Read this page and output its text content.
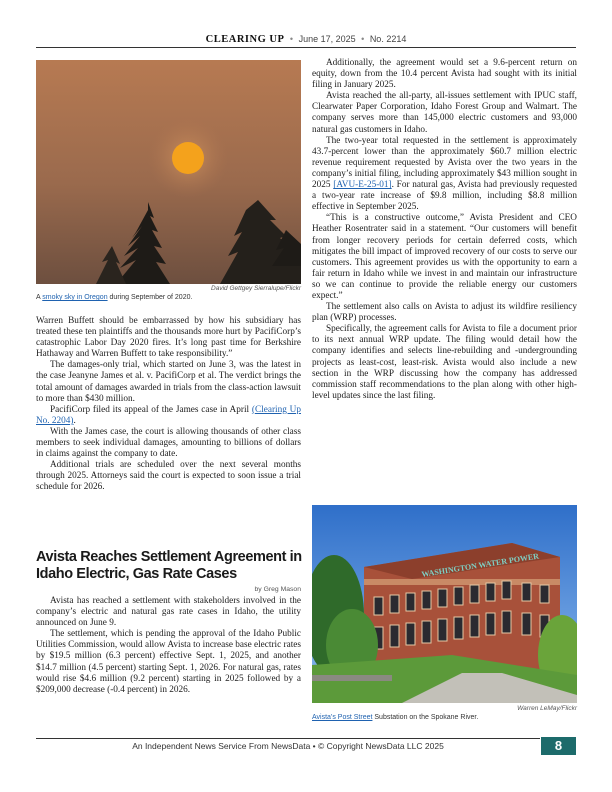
CLEARING UP • June 17, 2025 • No. 2214
David Gettgey Sierralupe/Flickr
A smoky sky in Oregon during September of 2020.

Warren Buffett should be embarrassed by how his subsidiary has treated these ten plaintiffs and the thousands more hurt by PacifiCorp’s catastrophic Labor Day 2020 fires. It’s long past time for Berkshire Hathaway and Warren Buffett to take responsibility.”

The damages-only trial, which started on June 3, was the latest in the case Jeanyne James et al. v. PacifiCorp et al. The verdict brings the total amount of damages awarded in trials from the class-action lawsuit to more than $430 million.

PacifiCorp filed its appeal of the James case in April (Clearing Up No. 2204).

With the James case, the court is allowing thousands of other class members to seek individual damages, amounting to billions of dollars in claims against the company to date.

Additional trials are scheduled over the next several months through 2025. Attorneys said the court is expected to soon issue a trial schedule for 2026.

Avista Reaches Settlement Agreement in Idaho Electric, Gas Rate Cases
by Greg Mason

Avista has reached a settlement with stakeholders involved in the company’s electric and natural gas rate cases in Idaho, the utility announced on June 9.

The settlement, which is pending the approval of the Idaho Public Utilities Commission, would allow Avista to increase base electric rates by $19.5 million (6.3 percent) effective Sept. 1, 2025, and another $14.7 million (4.5 percent) starting Sept. 1, 2026. For natural gas, rates would rise $4.6 million (9.2 percent) starting in 2025 followed by a $209,000 decrease (-0.4 percent) in 2026.

Additionally, the agreement would set a 9.6-percent return on equity, down from the 10.4 percent Avista had sought with its initial filing in January 2025.

Avista reached the all-party, all-issues settlement with IPUC staff, Clearwater Paper Corporation, Idaho Forest Group and Walmart. The company serves more than 145,000 electric customers and 93,000 natural gas customers in Idaho.

The two-year total requested in the settlement is approximately 43.7-percent lower than the approximately $60.7 million electric revenue requirement requested by Avista over the two years in the company’s initial filing, including approximately $43 million sought in 2025 [AVU-E-25-01]. For natural gas, Avista had previously requested a two-year rate increase of $9.8 million, including $8.8 million effective in September 2025.

“This is a constructive outcome,” Avista President and CEO Heather Rosentrater said in a statement. “Our customers will benefit from longer recovery periods for certain deferred costs, which mitigates the bill impact of improved recovery of our costs to serve our customers. This agreement provides us with the opportunity to earn a fair return in Idaho while we invest in and maintain our infrastructure so we can continue to provide the reliable energy our customers expect.”

The settlement also calls on Avista to adjust its wildfire resiliency plan (WRP) processes.

Specifically, the agreement calls for Avista to file a document prior to its next annual WRP update. The filing would detail how the company identifies and selects line-rebuilding and -undergrounding projects as least-cost, least-risk. Avista would also include a new section in the WRP discussing how the company has addressed commission staff recommendations to the plan along with other high-level updates since the last filing.

WASHINGTON WATER POWER
Warren LeMay/Flickr
Avista’s Post Street Substation on the Spokane River.
An Independent News Service From NewsData • © Copyright NewsData LLC 2025	8
